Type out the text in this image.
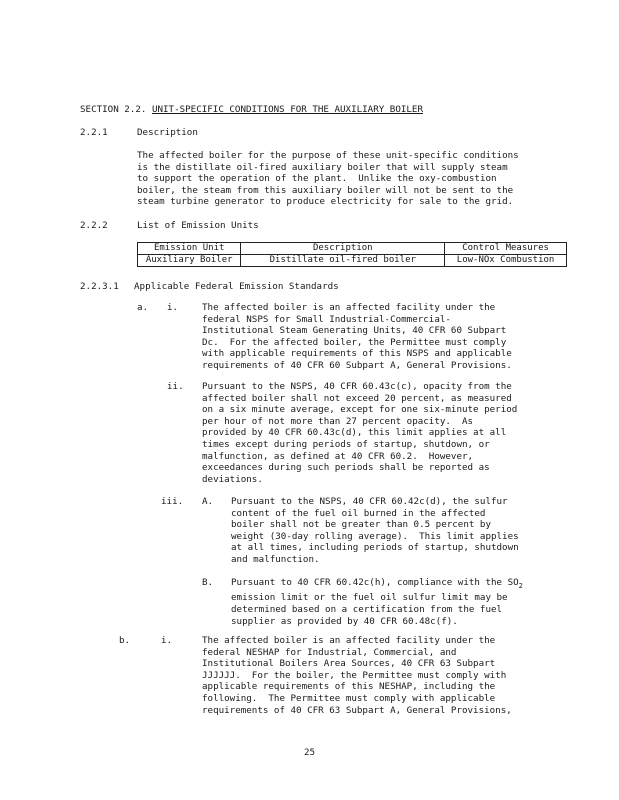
SECTION 2.2. UNIT-SPECIFIC CONDITIONS FOR THE AUXILIARY BOILER
2.2.1	Description
The affected boiler for the purpose of these unit-specific conditions
is the distillate oil-fired auxiliary boiler that will supply steam
to support the operation of the plant.  Unlike the oxy-combustion
boiler, the steam from this auxiliary boiler will not be sent to the
steam turbine generator to produce electricity for sale to the grid.
2.2.2	List of Emission Units
Emission Unit	Description	Control Measures
Auxiliary Boiler	Distillate oil-fired boiler	Low-NOx Combustion
2.2.3.1 Applicable Federal Emission Standards
a. i.	The affected boiler is an affected facility under the
federal NSPS for Small Industrial-Commercial-
Institutional Steam Generating Units, 40 CFR 60 Subpart
Dc.  For the affected boiler, the Permittee must comply
with applicable requirements of this NSPS and applicable
requirements of 40 CFR 60 Subpart A, General Provisions.
ii. Pursuant to the NSPS, 40 CFR 60.43c(c), opacity from the
affected boiler shall not exceed 20 percent, as measured
on a six minute average, except for one six-minute period
per hour of not more than 27 percent opacity.  As
provided by 40 CFR 60.43c(d), this limit applies at all
times except during periods of startup, shutdown, or
malfunction, as defined at 40 CFR 60.2.  However,
exceedances during such periods shall be reported as
deviations.
iii. A. Pursuant to the NSPS, 40 CFR 60.42c(d), the sulfur
content of the fuel oil burned in the affected
boiler shall not be greater than 0.5 percent by
weight (30-day rolling average).  This limit applies
at all times, including periods of startup, shutdown
and malfunction.
B. Pursuant to 40 CFR 60.42c(h), compliance with the $SO_2$
emission limit or the fuel oil sulfur limit may be
determined based on a certification from the fuel
supplier as provided by 40 CFR 60.48c(f).
b.	i.	The affected boiler is an affected facility under the
federal NESHAP for Industrial, Commercial, and
Institutional Boilers Area Sources, 40 CFR 63 Subpart
JJJJJJ.  For the boiler, the Permittee must comply with
applicable requirements of this NESHAP, including the
following.  The Permittee must comply with applicable
requirements of 40 CFR 63 Subpart A, General Provisions,
25
